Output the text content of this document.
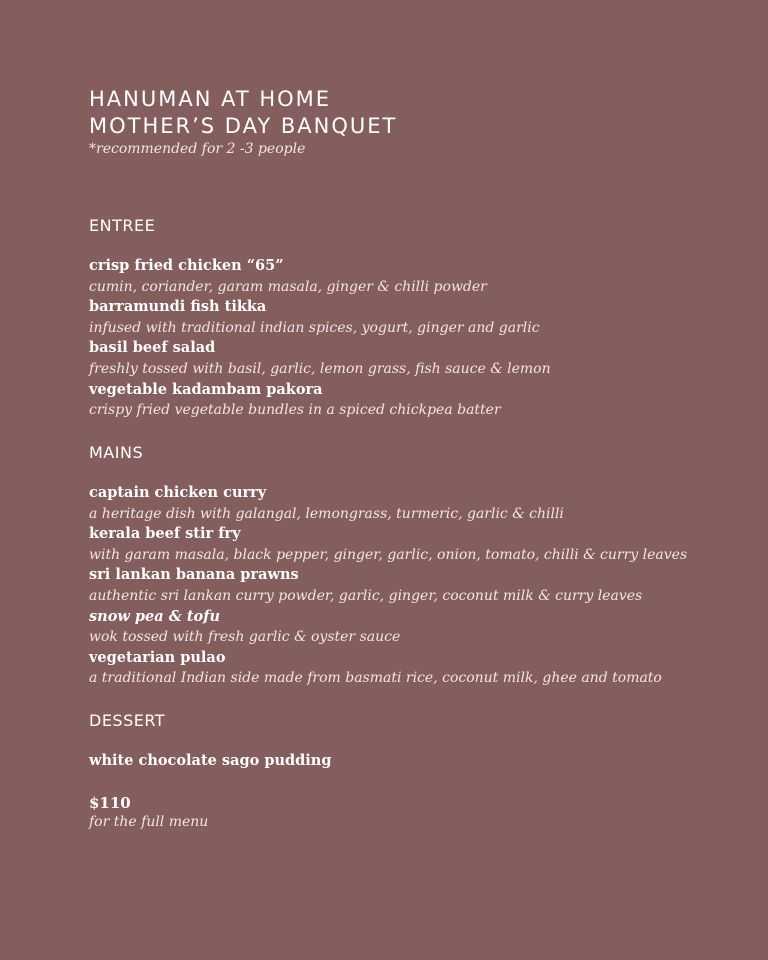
HANUMAN AT HOME
MOTHER’S DAY BANQUET
*recommended for 2 -3 people
ENTREE
crisp fried chicken “65”
cumin, coriander, garam masala, ginger & chilli powder
barramundi fish tikka
infused with traditional indian spices, yogurt, ginger and garlic
basil beef salad
freshly tossed with basil, garlic, lemon grass, fish sauce & lemon
vegetable kadambam pakora
crispy fried vegetable bundles in a spiced chickpea batter
MAINS
captain chicken curry
a heritage dish with galangal, lemongrass, turmeric, garlic & chilli
kerala beef stir fry
with garam masala, black pepper, ginger, garlic, onion, tomato, chilli & curry leaves
sri lankan banana prawns
authentic sri lankan curry powder, garlic, ginger, coconut milk & curry leaves
snow pea & tofu
wok tossed with fresh garlic & oyster sauce
vegetarian pulao
a traditional Indian side made from basmati rice, coconut milk, ghee and tomato
DESSERT
white chocolate sago pudding
$110
for the full menu
